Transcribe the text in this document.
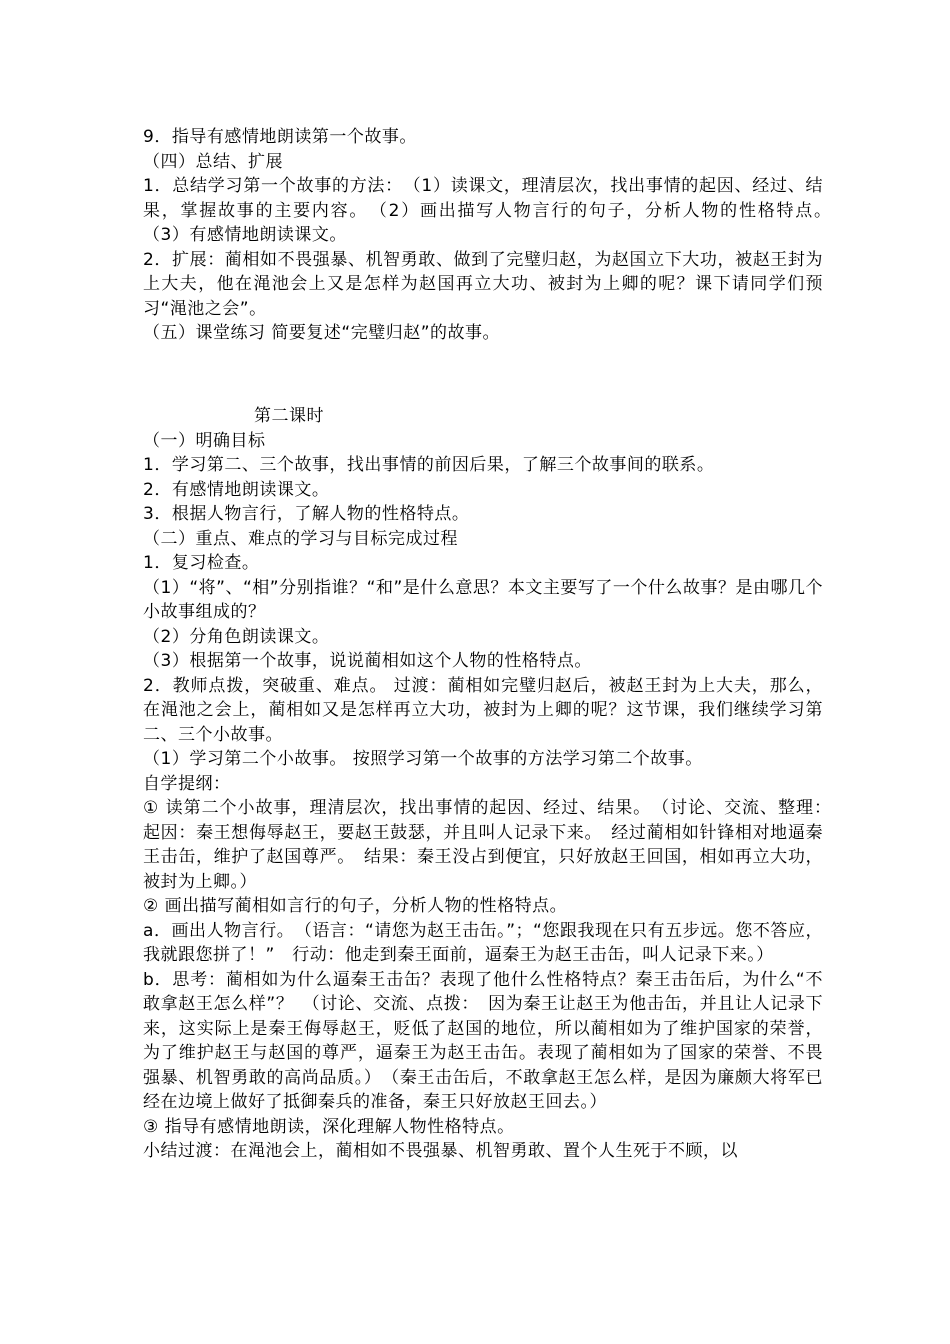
9．指导有感情地朗读第一个故事。
（四）总结、扩展
1．总结学习第一个故事的方法：　（1）读课文，理清层次，找出事情的起因、经过、结果，掌握故事的主要内容。　（2）画出描写人物言行的句子，分析人物的性格特点。　（3）有感情地朗读课文。
2．扩展：蔺相如不畏强暴、机智勇敢、做到了完璧归赵，为赵国立下大功，被赵王封为上大夫，他在渑池会上又是怎样为赵国再立大功、被封为上卿的呢？课下请同学们预习“渑池之会”。
（五）课堂练习 简要复述“完璧归赵”的故事。
第二课时
（一）明确目标
1．学习第二、三个故事，找出事情的前因后果，了解三个故事间的联系。
2．有感情地朗读课文。
3．根据人物言行，了解人物的性格特点。
（二）重点、难点的学习与目标完成过程
1．复习检查。
（1）“将”、“相”分别指谁？“和”是什么意思？本文主要写了一个什么故事？是由哪几个小故事组成的？
（2）分角色朗读课文。
（3）根据第一个故事，说说蔺相如这个人物的性格特点。
2．教师点拨，突破重、难点。 过渡：蔺相如完璧归赵后，被赵王封为上大夫，那么，在渑池之会上，蔺相如又是怎样再立大功，被封为上卿的呢？这节课，我们继续学习第二、三个小故事。
（1）学习第二个小故事。 按照学习第一个故事的方法学习第二个故事。
自学提纲：
① 读第二个小故事，理清层次，找出事情的起因、经过、结果。　（讨论、交流、整理：　起因：秦王想侮辱赵王，要赵王鼓瑟，并且叫人记录下来。　经过蔺相如针锋相对地逼秦王击缶，维护了赵国尊严。　结果：秦王没占到便宜，只好放赵王回国，相如再立大功，被封为上卿。）
② 画出描写蔺相如言行的句子，分析人物的性格特点。
a．画出人物言行。　（语言：“请您为赵王击缶。”；“您跟我现在只有五步远。您不答应，我就跟您拼了！”　行动：他走到秦王面前，逼秦王为赵王击缶，叫人记录下来。）
b．思考：蔺相如为什么逼秦王击缶？表现了他什么性格特点？秦王击缶后，为什么“不敢拿赵王怎么样”？　（讨论、交流、点拨：　因为秦王让赵王为他击缶，并且让人记录下来，这实际上是秦王侮辱赵王，贬低了赵国的地位，所以蔺相如为了维护国家的荣誉，为了维护赵王与赵国的尊严，逼秦王为赵王击缶。表现了蔺相如为了国家的荣誉、不畏强暴、机智勇敢的高尚品质。）　（秦王击缶后，不敢拿赵王怎么样，是因为廉颇大将军已经在边境上做好了抵御秦兵的准备，秦王只好放赵王回去。）
③ 指导有感情地朗读，深化理解人物性格特点。
小结过渡：在渑池会上，蔺相如不畏强暴、机智勇敢、置个人生死于不顾，以
